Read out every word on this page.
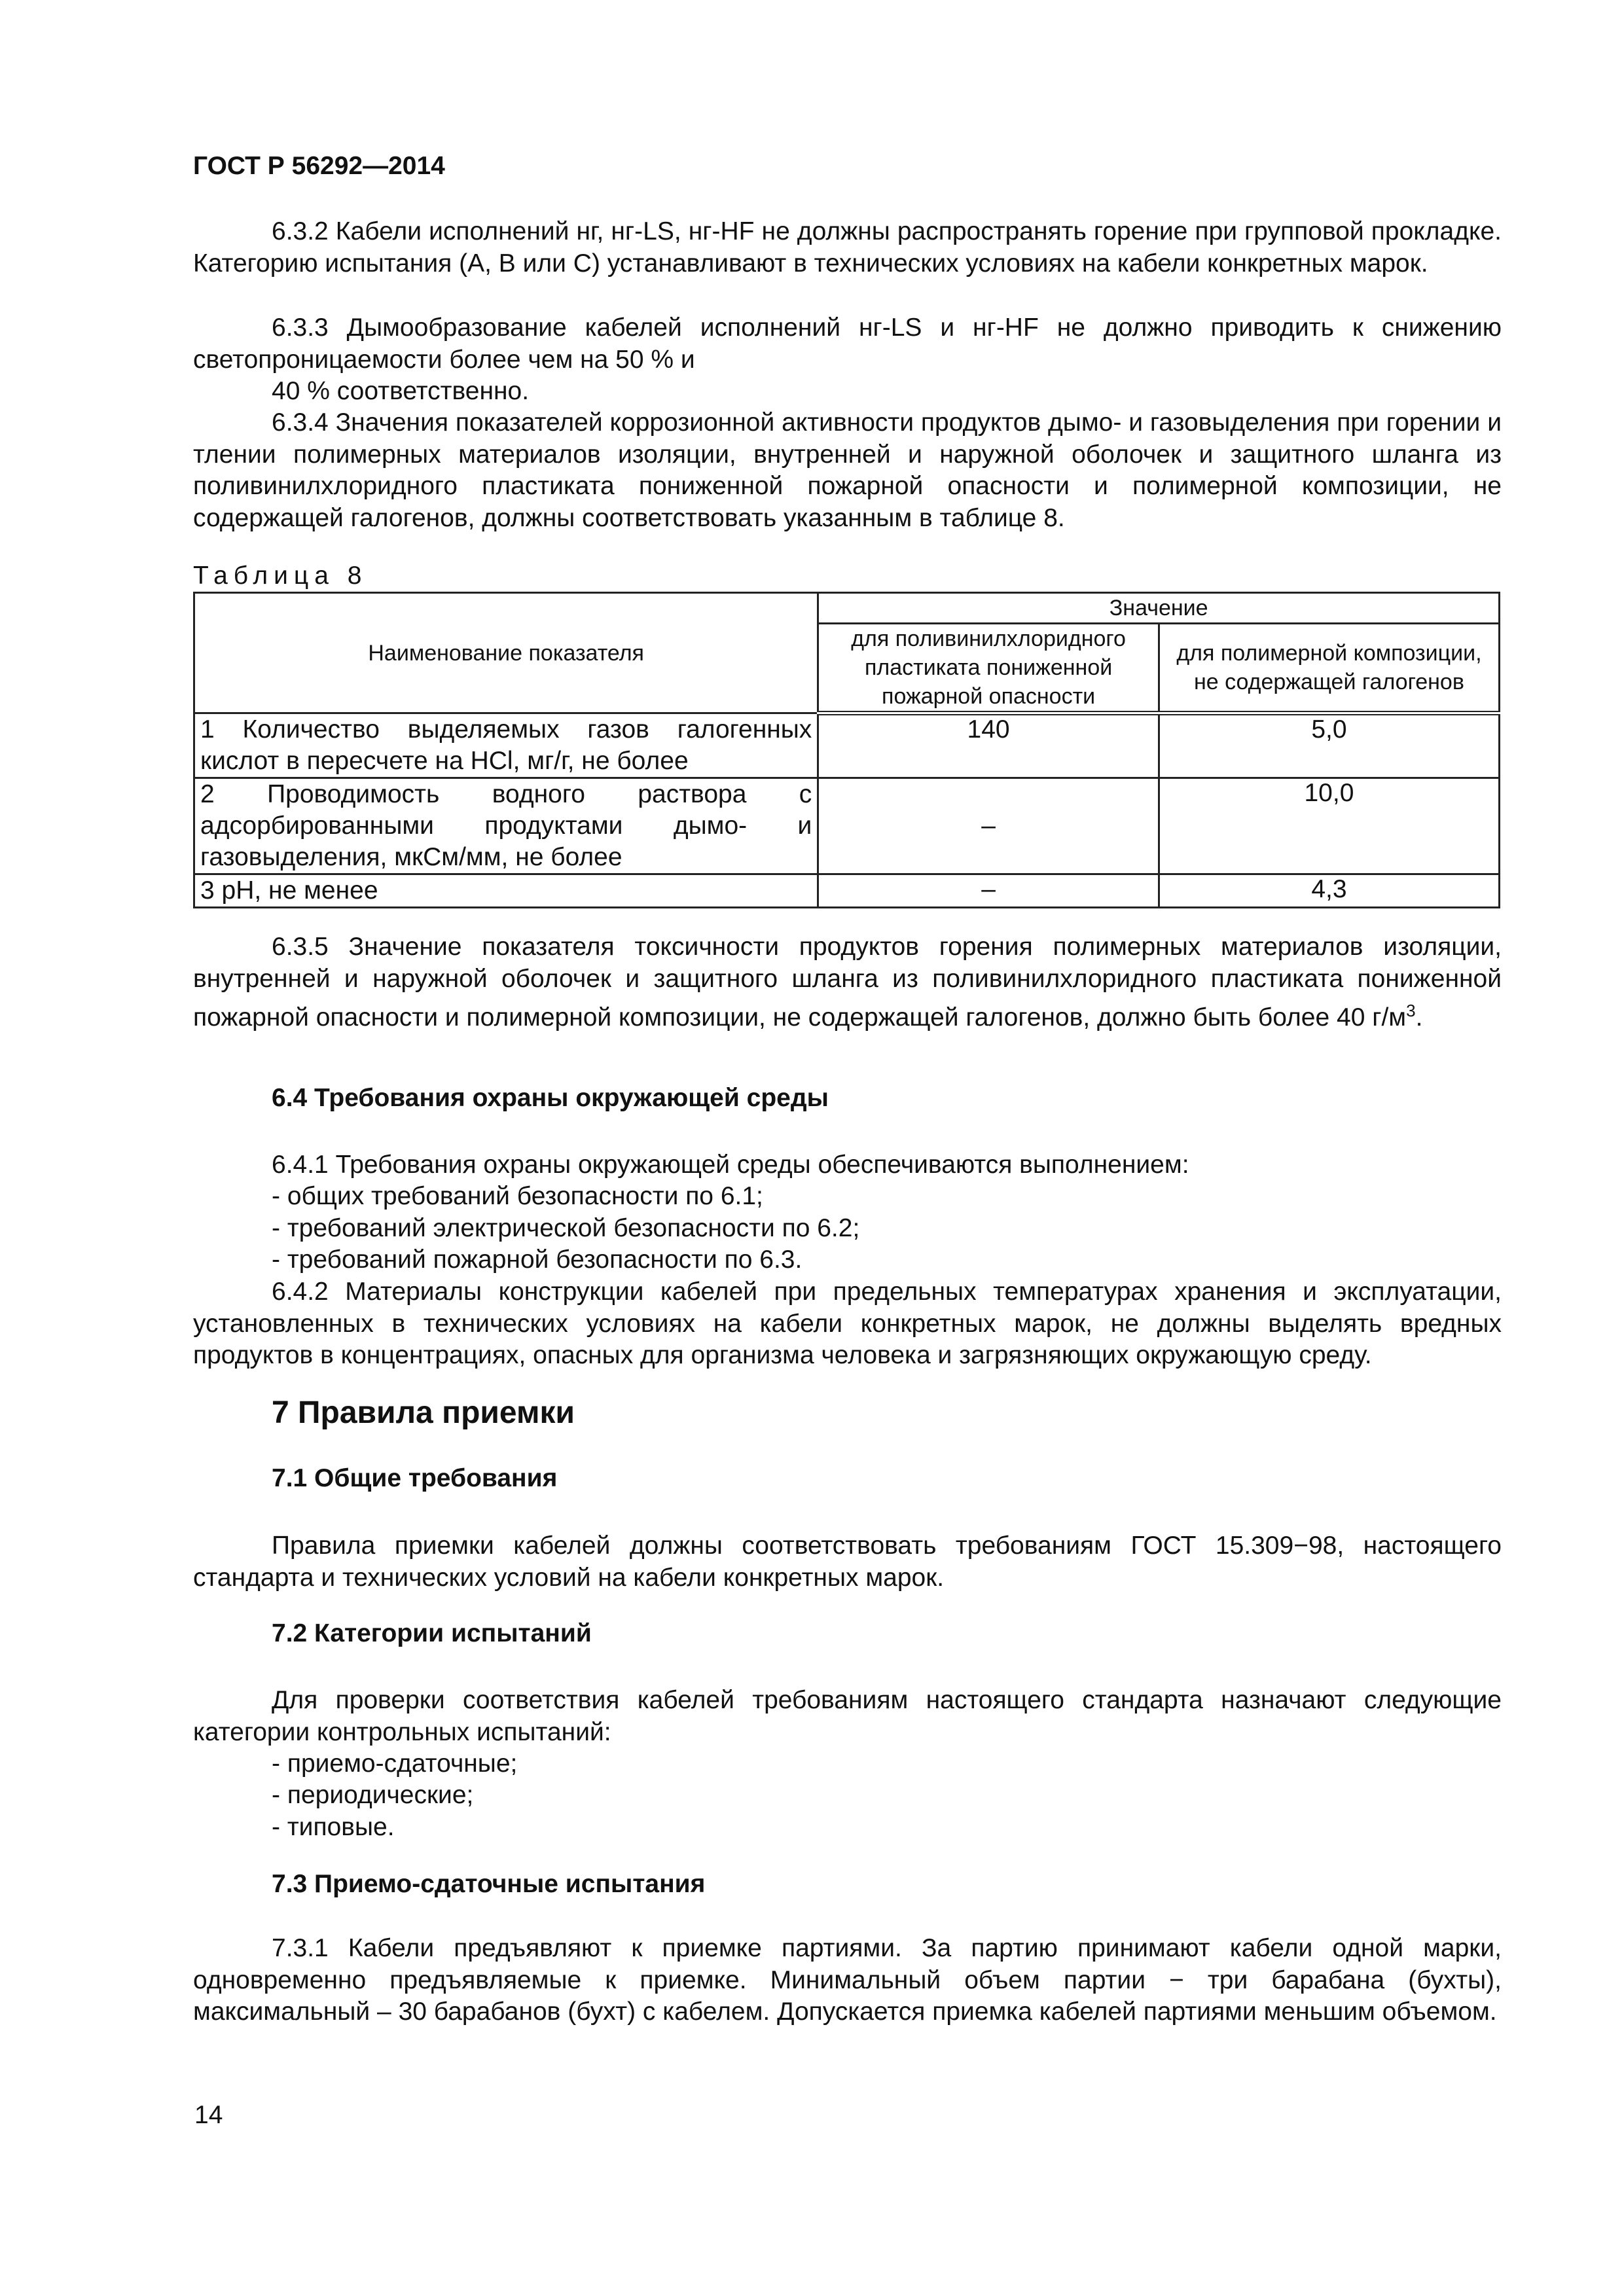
ГОСТ Р 56292—2014
6.3.2 Кабели исполнений нг, нг-LS, нг-HF не должны распространять горение при групповой прокладке. Категорию испытания (А, В или С) устанавливают в технических условиях на кабели конкретных марок.
6.3.3 Дымообразование кабелей исполнений нг-LS и нг-HF не должно приводить к снижению светопроницаемости более чем на 50 % и
40 % соответственно.
6.3.4 Значения показателей коррозионной активности продуктов дымо- и газовыделения при горении и тлении полимерных материалов изоляции, внутренней и наружной оболочек и защитного шланга из поливинилхлоридного пластиката пониженной пожарной опасности и полимерной композиции, не содержащей галогенов, должны соответствовать указанным в таблице 8.
Таблица 8
Наименование показателя	Значение	
	для поливинилхлоридного пластиката пониженной пожарной опасности	для полимерной композиции, не содержащей галогенов
1 Количество выделяемых газов галогенных кислот в пересчете на HCl, мг/г, не более	140	5,0
2 Проводимость водного раствора с адсорбированными продуктами дымо- и газовыделения, мкСм/мм, не более	–	10,0
3 pH, не менее	–	4,3
6.3.5 Значение показателя токсичности продуктов горения полимерных материалов изоляции, внутренней и наружной оболочек и защитного шланга из поливинилхлоридного пластиката пониженной пожарной опасности и полимерной композиции, не содержащей галогенов, должно быть более 40 $г/м^3$.
6.4 Требования охраны окружающей среды
6.4.1 Требования охраны окружающей среды обеспечиваются выполнением:
- общих требований безопасности по 6.1;
- требований электрической безопасности по 6.2;
- требований пожарной безопасности по 6.3.
6.4.2 Материалы конструкции кабелей при предельных температурах хранения и эксплуатации, установленных в технических условиях на кабели конкретных марок, не должны выделять вредных продуктов в концентрациях, опасных для организма человека и загрязняющих окружающую среду.
7 Правила приемки
7.1 Общие требования
Правила приемки кабелей должны соответствовать требованиям ГОСТ 15.309−98, настоящего стандарта и технических условий на кабели конкретных марок.
7.2 Категории испытаний
Для проверки соответствия кабелей требованиям настоящего стандарта назначают следующие категории контрольных испытаний:
- приемо-сдаточные;
- периодические;
- типовые.
7.3 Приемо-сдаточные испытания
7.3.1 Кабели предъявляют к приемке партиями. За партию принимают кабели одной марки, одновременно предъявляемые к приемке. Минимальный объем партии − три барабана (бухты), максимальный – 30 барабанов (бухт) с кабелем. Допускается приемка кабелей партиями меньшим объемом.
14
